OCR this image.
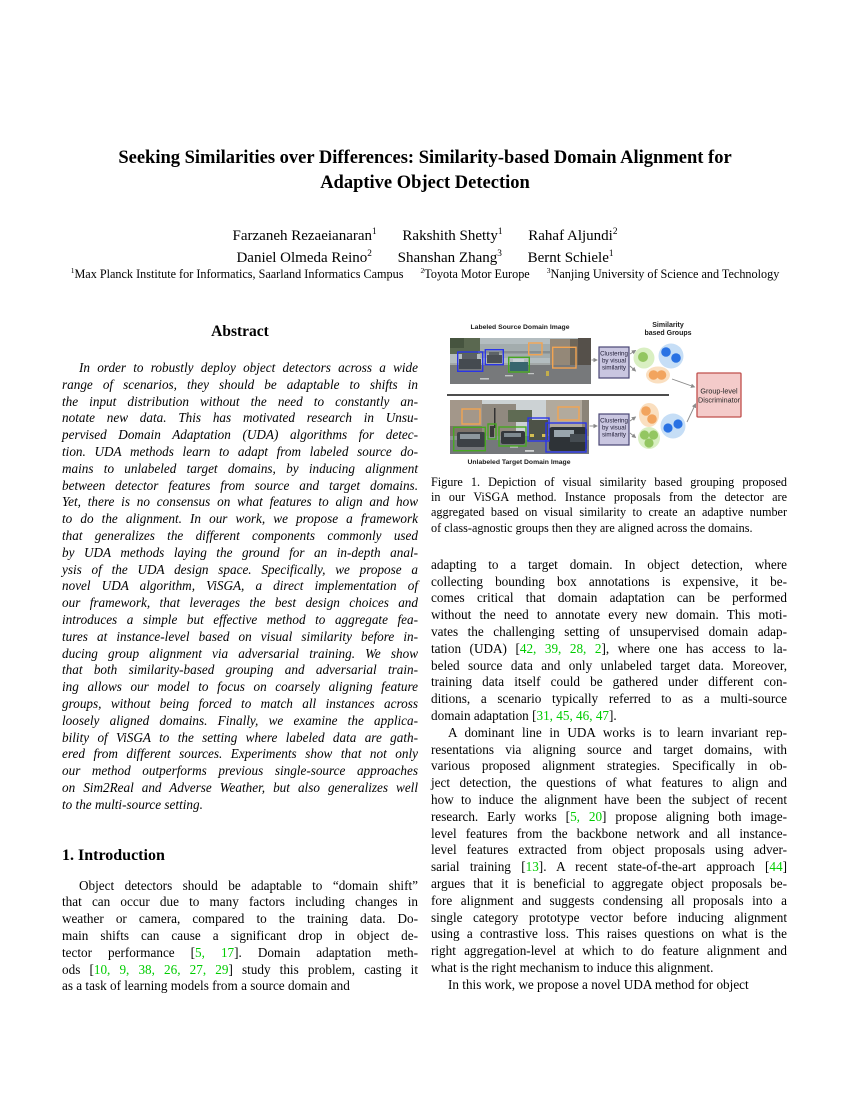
Seeking Similarities over Differences: Similarity-based Domain Alignment for
Adaptive Object Detection
Farzaneh Rezaeianaran$^1$ Rakshith Shetty$^1$ Rahaf Aljundi$^2$
Daniel Olmeda Reino$^2$ Shanshan Zhang$^3$ Bernt Schiele$^1$
$^1$Max Planck Institute for Informatics, Saarland Informatics Campus $^2$Toyota Motor Europe $^3$Nanjing University of Science and Technology
Abstract
In order to robustly deploy object detectors across a wide
range of scenarios, they should be adaptable to shifts in
the input distribution without the need to constantly an-
notate new data. This has motivated research in Unsu-
pervised Domain Adaptation (UDA) algorithms for detec-
tion. UDA methods learn to adapt from labeled source do-
mains to unlabeled target domains, by inducing alignment
between detector features from source and target domains.
Yet, there is no consensus on what features to align and how
to do the alignment. In our work, we propose a framework
that generalizes the different components commonly used
by UDA methods laying the ground for an in-depth anal-
ysis of the UDA design space. Specifically, we propose a
novel UDA algorithm, ViSGA, a direct implementation of
our framework, that leverages the best design choices and
introduces a simple but effective method to aggregate fea-
tures at instance-level based on visual similarity before in-
ducing group alignment via adversarial training. We show
that both similarity-based grouping and adversarial train-
ing allows our model to focus on coarsely aligning feature
groups, without being forced to match all instances across
loosely aligned domains. Finally, we examine the applica-
bility of ViSGA to the setting where labeled data are gath-
ered from different sources. Experiments show that not only
our method outperforms previous single-source approaches
on Sim2Real and Adverse Weather, but also generalizes well
to the multi-source setting.
1. Introduction
Object detectors should be adaptable to “domain shift”
that can occur due to many factors including changes in
weather or camera, compared to the training data. Do-
main shifts can cause a significant drop in object de-
tector performance [5, 17]. Domain adaptation meth-
ods [10, 9, 38, 26, 27, 29] study this problem, casting it
as a task of learning models from a source domain and
Labeled Source Domain Image
Unlabeled Target Domain Image
Clustering
by visual
similarity
Clustering
by visual
similarity
Similarity
based Groups
Group-level
Discriminator
Figure 1. Depiction of visual similarity based grouping proposed
in our ViSGA method. Instance proposals from the detector are
aggregated based on visual similarity to create an adaptive number
of class-agnostic groups then they are aligned across the domains.
adapting to a target domain. In object detection, where
collecting bounding box annotations is expensive, it be-
comes critical that domain adaptation can be performed
without the need to annotate every new domain. This moti-
vates the challenging setting of unsupervised domain adap-
tation (UDA) [42, 39, 28, 2], where one has access to la-
beled source data and only unlabeled target data. Moreover,
training data itself could be gathered under different con-
ditions, a scenario typically referred to as a multi-source
domain adaptation [31, 45, 46, 47].
A dominant line in UDA works is to learn invariant rep-
resentations via aligning source and target domains, with
various proposed alignment strategies. Specifically in ob-
ject detection, the questions of what features to align and
how to induce the alignment have been the subject of recent
research. Early works [5, 20] propose aligning both image-
level features from the backbone network and all instance-
level features extracted from object proposals using adver-
sarial training [13]. A recent state-of-the-art approach [44]
argues that it is beneficial to aggregate object proposals be-
fore alignment and suggests condensing all proposals into a
single category prototype vector before inducing alignment
using a contrastive loss. This raises questions on what is the
right aggregation-level at which to do feature alignment and
what is the right mechanism to induce this alignment.
In this work, we propose a novel UDA method for object
